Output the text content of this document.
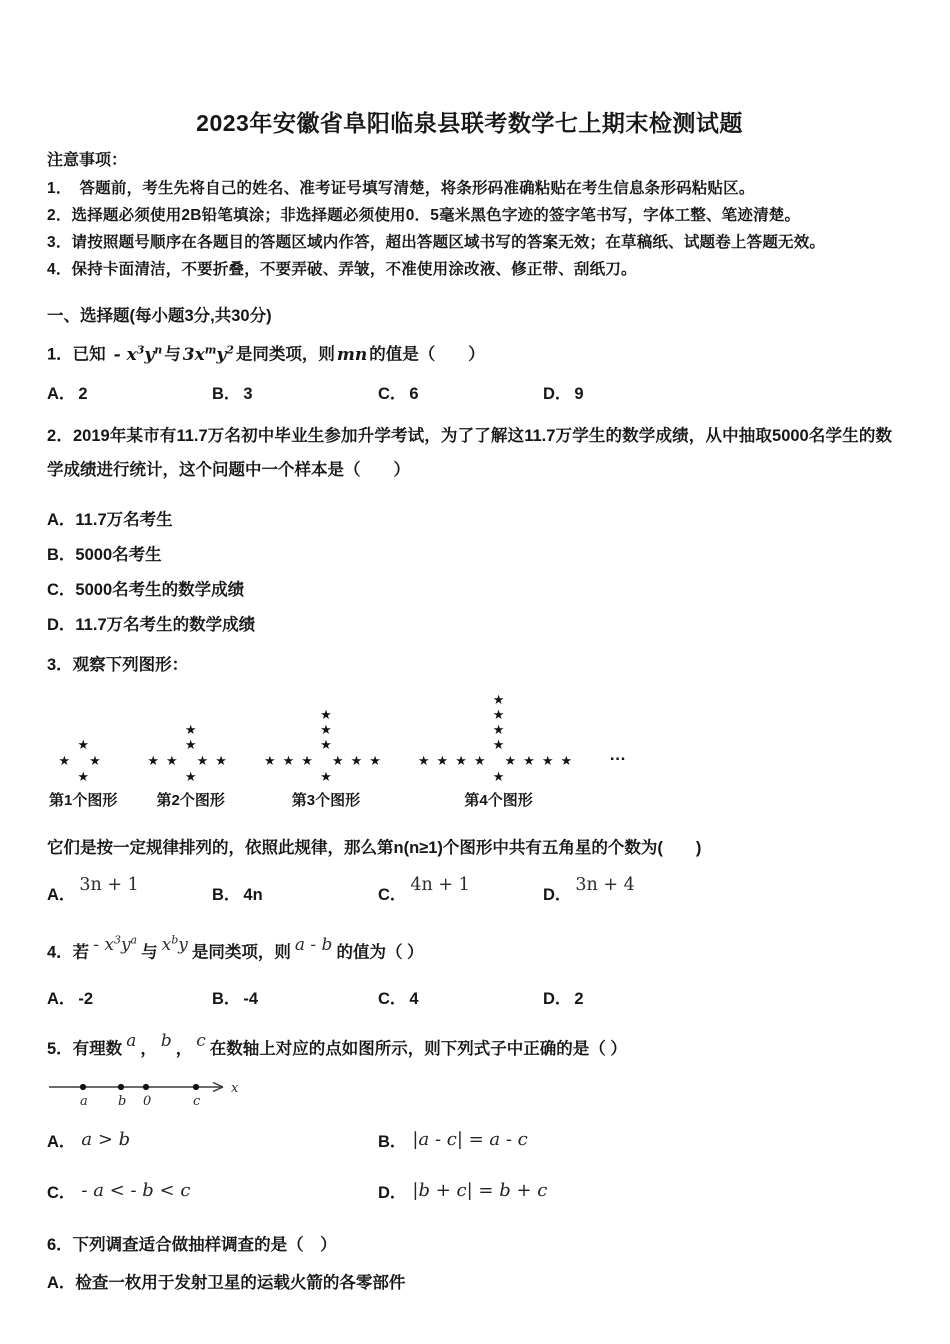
2023年安徽省阜阳临泉县联考数学七上期末检测试题

注意事项：

1．　答题前，考生先将自己的姓名、准考证号填写清楚，将条形码准确粘贴在考生信息条形码粘贴区。

2．选择题必须使用2B铅笔填涂；非选择题必须使用0．5毫米黑色字迹的签字笔书写，字体工整、笔迹清楚。

3．请按照题号顺序在各题目的答题区域内作答，超出答题区域书写的答案无效；在草稿纸、试题卷上答题无效。

4．保持卡面清洁，不要折叠，不要弄破、弄皱，不准使用涂改液、修正带、刮纸刀。

一、选择题(每小题3分,共30分)

1．已知 - $x^3y^n$ 与 $3x^my^2$ 是同类项，则 mn 的值是（　　）

A． 2	B． 3	C． 6	D． 9

2．2019年某市有11.7万名初中毕业生参加升学考试，为了了解这11.7万学生的数学成绩，从中抽取5000名学生的数学成绩进行统计，这个问题中一个样本是（　　）

A．11.7万名考生

B．5000名考生

C．5000名考生的数学成绩

D．11.7万名考生的数学成绩

3．观察下列图形：

★
★ ★
★
第1个图形
★
★
★★ ★★
★
第2个图形
★
★
★
★★★ ★★★
★
第3个图形
★
★
★
★
★★★★ ★★★★
★
第4个图形
…

它们是按一定规律排列的，依照此规律，那么第n(n≥1)个图形中共有五角星的个数为(　　)

A． 3n + 1	B． 4n	C． 4n + 1	D． 3n + 4

4．若 - $x^3y^a$与 $x^by$ 是同类项，则 a - b 的值为（ ）

A． -2	B． -4	C． 4	D． 2

5．有理数 a ， b ， c 在数轴上对应的点如图所示，则下列式子中正确的是（ ）

a b 0	c
x
A． a > b	B． |a - c| = a - c
C． - a < - b < c	D． |b + c| = b + c

6．下列调查适合做抽样调查的是（　）

A．检查一枚用于发射卫星的运载火箭的各零部件
